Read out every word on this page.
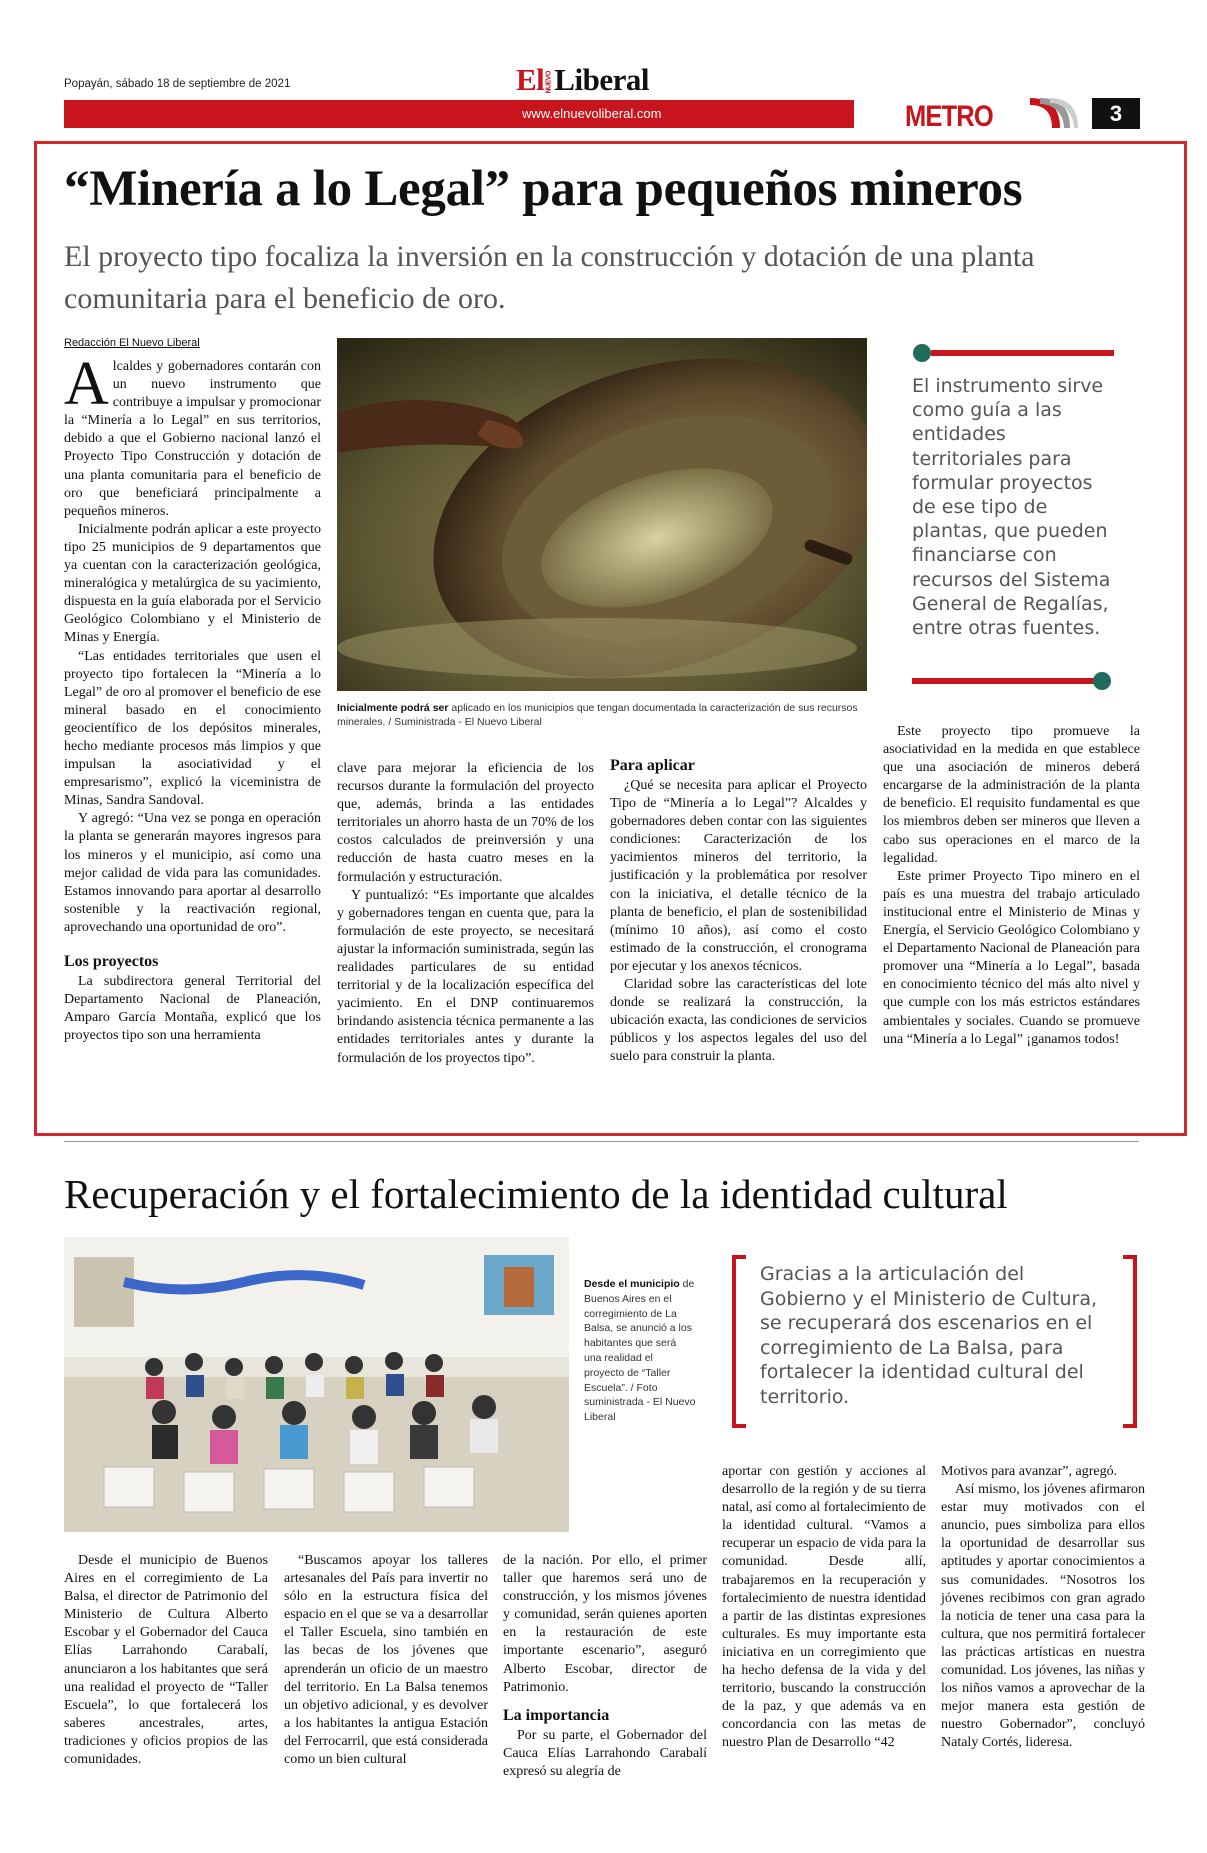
Popayán, sábado 18 de septiembre de 2021	El NUEVOLiberal
www.elnuevoliberal.com	METRO	3
“Minería a lo Legal” para pequeños mineros
El proyecto tipo focaliza la inversión en la construcción y dotación de una planta comunitaria para el beneficio de oro.
Redacción El Nuevo Liberal

Alcaldes y gobernadores contarán con un nuevo instrumento que contribuye a impulsar y promocionar la “Minería a lo Legal” en sus territorios, debido a que el Gobierno nacional lanzó el Proyecto Tipo Construcción y dotación de una planta comunitaria para el beneficio de oro que beneficiará principalmente a pequeños mineros.

Inicialmente podrán aplicar a este proyecto tipo 25 municipios de 9 departamentos que ya cuentan con la caracterización geológica, mineralógica y metalúrgica de su yacimiento, dispuesta en la guía elaborada por el Servicio Geológico Colombiano y el Ministerio de Minas y Energía.

“Las entidades territoriales que usen el proyecto tipo fortalecen la “Minería a lo Legal” de oro al promover el beneficio de ese mineral basado en el conocimiento geocientífico de los depósitos minerales, hecho mediante procesos más limpios y que impulsan la asociatividad y el empresarismo”, explicó la viceministra de Minas, Sandra Sandoval.

Y agregó: “Una vez se ponga en operación la planta se generarán mayores ingresos para los mineros y el municipio, así como una mejor calidad de vida para las comunidades. Estamos innovando para aportar al desarrollo sostenible y la reactivación regional, aprovechando una oportunidad de oro”.

Los proyectos

La subdirectora general Territorial del Departamento Nacional de Planeación, Amparo García Montaña, explicó que los proyectos tipo son una herramienta

Inicialmente podrá ser aplicado en los municipios que tengan documentada la caracterización de sus recursos minerales. / Suministrada - El Nuevo Liberal
El instrumento sirve como guía a las entidades territoriales para formular proyectos de ese tipo de plantas, que pueden financiarse con recursos del Sistema General de Regalías, entre otras fuentes.

clave para mejorar la eficiencia de los recursos durante la formulación del proyecto que, además, brinda a las entidades territoriales un ahorro hasta de un 70% de los costos calculados de preinversión y una reducción de hasta cuatro meses en la formulación y estructuración.

Y puntualizó: “Es importante que alcaldes y gobernadores tengan en cuenta que, para la formulación de este proyecto, se necesitará ajustar la información suministrada, según las realidades particulares de su entidad territorial y de la localización específica del yacimiento. En el DNP continuaremos brindando asistencia técnica permanente a las entidades territoriales antes y durante la formulación de los proyectos tipo”.

Para aplicar

¿Qué se necesita para aplicar el Proyecto Tipo de “Minería a lo Legal”? Alcaldes y gobernadores deben contar con las siguientes condiciones: Caracterización de los yacimientos mineros del territorio, la justificación y la problemática por resolver con la iniciativa, el detalle técnico de la planta de beneficio, el plan de sostenibilidad (mínimo 10 años), así como el costo estimado de la construcción, el cronograma por ejecutar y los anexos técnicos.

Claridad sobre las características del lote donde se realizará la construcción, la ubicación exacta, las condiciones de servicios públicos y los aspectos legales del uso del suelo para construir la planta.

Este proyecto tipo promueve la asociatividad en la medida en que establece que una asociación de mineros deberá encargarse de la administración de la planta de beneficio. El requisito fundamental es que los miembros deben ser mineros que lleven a cabo sus operaciones en el marco de la legalidad.

Este primer Proyecto Tipo minero en el país es una muestra del trabajo articulado institucional entre el Ministerio de Minas y Energía, el Servicio Geológico Colombiano y el Departamento Nacional de Planeación para promover una “Minería a lo Legal”, basada en conocimiento técnico del más alto nivel y que cumple con los más estrictos estándares ambientales y sociales. Cuando se promueve una “Minería a lo Legal” ¡ganamos todos!

Recuperación y el fortalecimiento de la identidad cultural
Desde el municipio de Buenos Aires en el corregimiento de La Balsa, se anunció a los habitantes que será una realidad el proyecto de “Taller Escuela”. / Foto suministrada - El Nuevo Liberal
Gracias a la articulación del Gobierno y el Ministerio de Cultura, se recuperará dos escenarios en el corregimiento de La Balsa, para fortalecer la identidad cultural del territorio.

Desde el municipio de Buenos Aires en el corregimiento de La Balsa, el director de Patrimonio del Ministerio de Cultura Alberto Escobar y el Gobernador del Cauca Elías Larrahondo Carabalí, anunciaron a los habitantes que será una realidad el proyecto de “Taller Escuela”, lo que fortalecerá los saberes ancestrales, artes, tradiciones y oficios propios de las comunidades.

“Buscamos apoyar los talleres artesanales del País para invertir no sólo en la estructura física del espacio en el que se va a desarrollar el Taller Escuela, sino también en las becas de los jóvenes que aprenderán un oficio de un maestro del territorio. En La Balsa tenemos un objetivo adicional, y es devolver a los habitantes la antigua Estación del Ferrocarril, que está considerada como un bien cultural

de la nación. Por ello, el primer taller que haremos será uno de construcción, y los mismos jóvenes y comunidad, serán quienes aporten en la restauración de este importante escenario”, aseguró Alberto Escobar, director de Patrimonio.

La importancia

Por su parte, el Gobernador del Cauca Elías Larrahondo Carabalí expresó su alegría de

aportar con gestión y acciones al desarrollo de la región y de su tierra natal, así como al fortalecimiento de la identidad cultural. “Vamos a recuperar un espacio de vida para la comunidad. Desde allí, trabajaremos en la recuperación y fortalecimiento de nuestra identidad a partir de las distintas expresiones culturales. Es muy importante esta iniciativa en un corregimiento que ha hecho defensa de la vida y del territorio, buscando la construcción de la paz, y que además va en concordancia con las metas de nuestro Plan de Desarrollo “42

Motivos para avanzar”, agregó.

Así mismo, los jóvenes afirmaron estar muy motivados con el anuncio, pues simboliza para ellos la oportunidad de desarrollar sus aptitudes y aportar conocimientos a sus comunidades. “Nosotros los jóvenes recibimos con gran agrado la noticia de tener una casa para la cultura, que nos permitirá fortalecer las prácticas artísticas en nuestra comunidad. Los jóvenes, las niñas y los niños vamos a aprovechar de la mejor manera esta gestión de nuestro Gobernador”, concluyó Nataly Cortés, lideresa.
